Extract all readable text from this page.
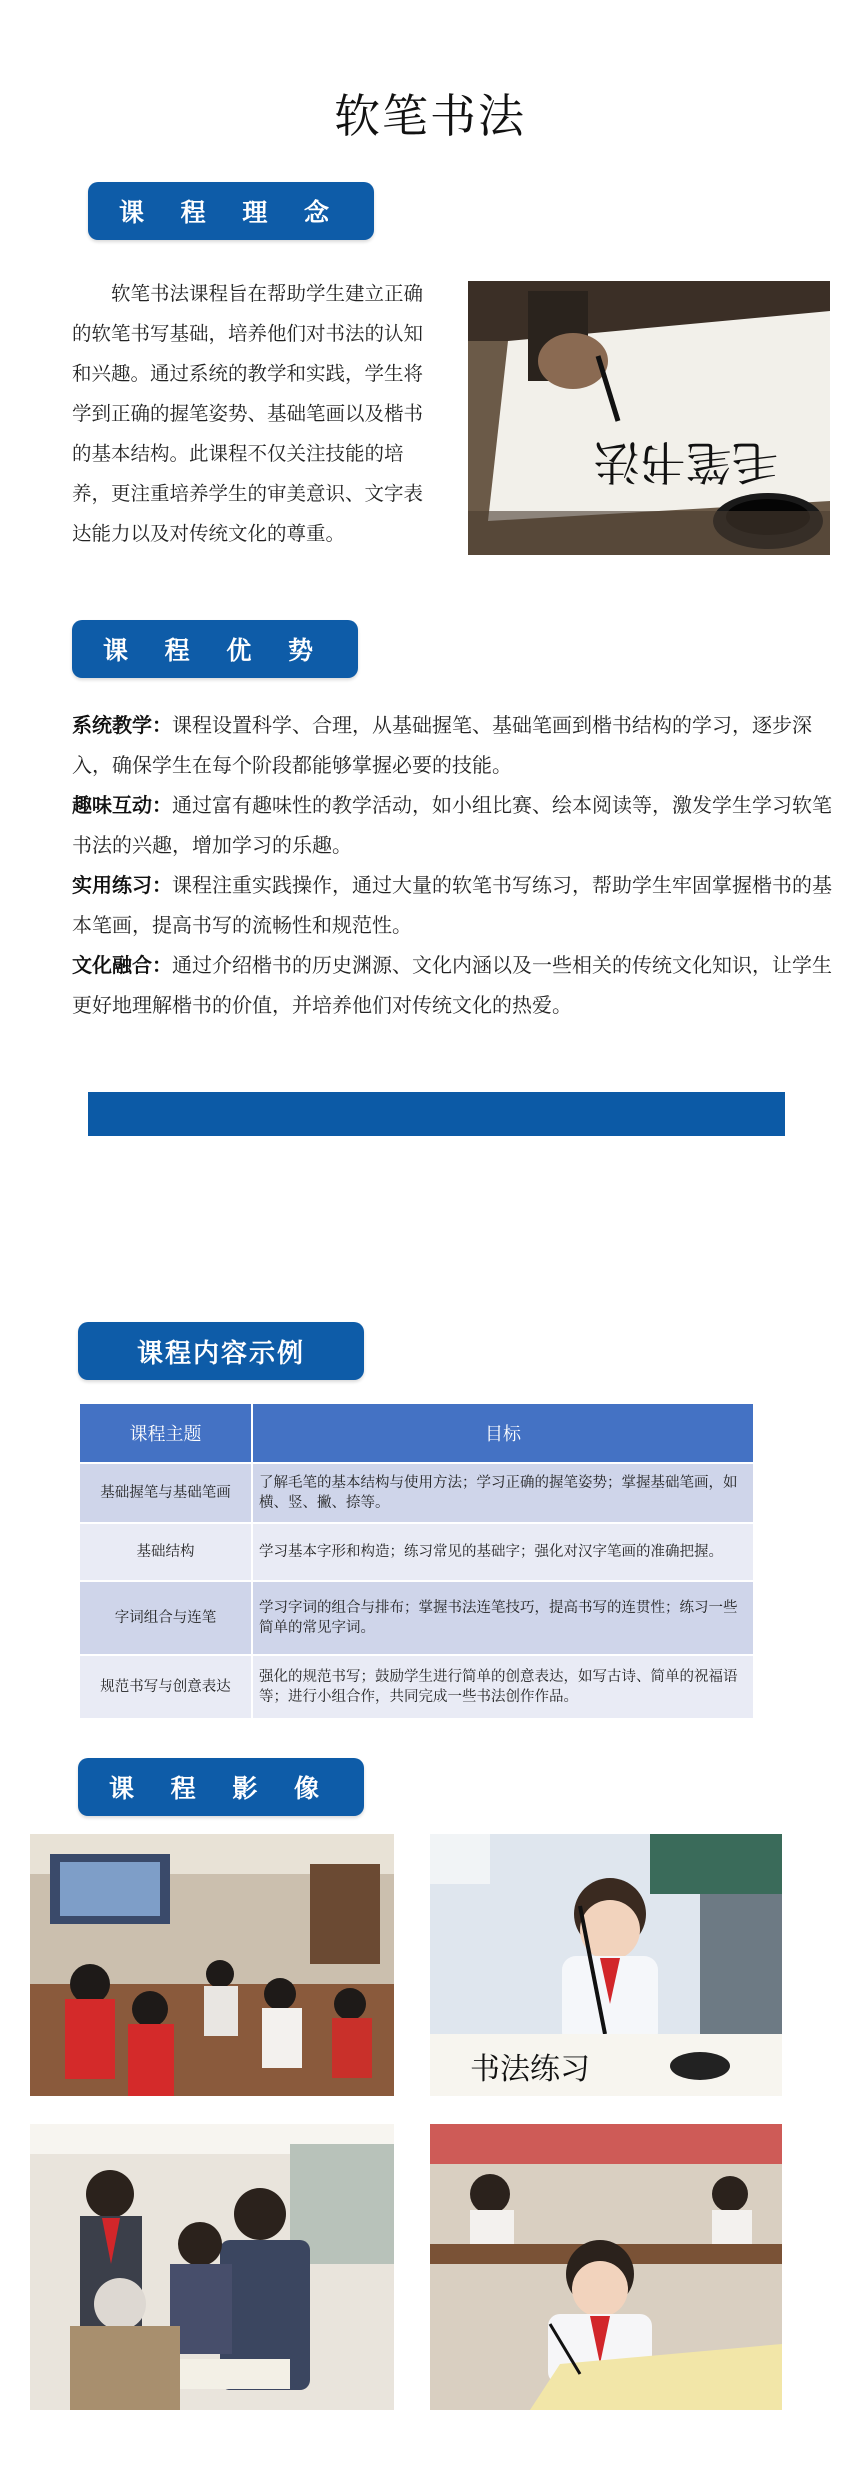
软笔书法
课 程 理 念
软笔书法课程旨在帮助学生建立正确的软笔书写基础，培养他们对书法的认知和兴趣。通过系统的教学和实践，学生将学到正确的握笔姿势、基础笔画以及楷书的基本结构。此课程不仅关注技能的培养，更注重培养学生的审美意识、文字表达能力以及对传统文化的尊重。
毛笔书法
课 程 优 势

系统教学：课程设置科学、合理，从基础握笔、基础笔画到楷书结构的学习，逐步深入，确保学生在每个阶段都能够掌握必要的技能。

趣味互动：通过富有趣味性的教学活动，如小组比赛、绘本阅读等，激发学生学习软笔书法的兴趣，增加学习的乐趣。

实用练习：课程注重实践操作，通过大量的软笔书写练习，帮助学生牢固掌握楷书的基本笔画，提高书写的流畅性和规范性。

文化融合：通过介绍楷书的历史渊源、文化内涵以及一些相关的传统文化知识，让学生更好地理解楷书的价值，并培养他们对传统文化的热爱。

课程内容示例
课程主题	目标
基础握笔与基础笔画	了解毛笔的基本结构与使用方法；学习正确的握笔姿势；掌握基础笔画，如横、竖、撇、捺等。
基础结构	学习基本字形和构造；练习常见的基础字；强化对汉字笔画的准确把握。
字词组合与连笔	学习字词的组合与排布；掌握书法连笔技巧，提高书写的连贯性；练习一些简单的常见字词。
规范书写与创意表达	强化的规范书写；鼓励学生进行简单的创意表达，如写古诗、简单的祝福语等；进行小组合作，共同完成一些书法创作作品。
课 程 影 像
书法练习
